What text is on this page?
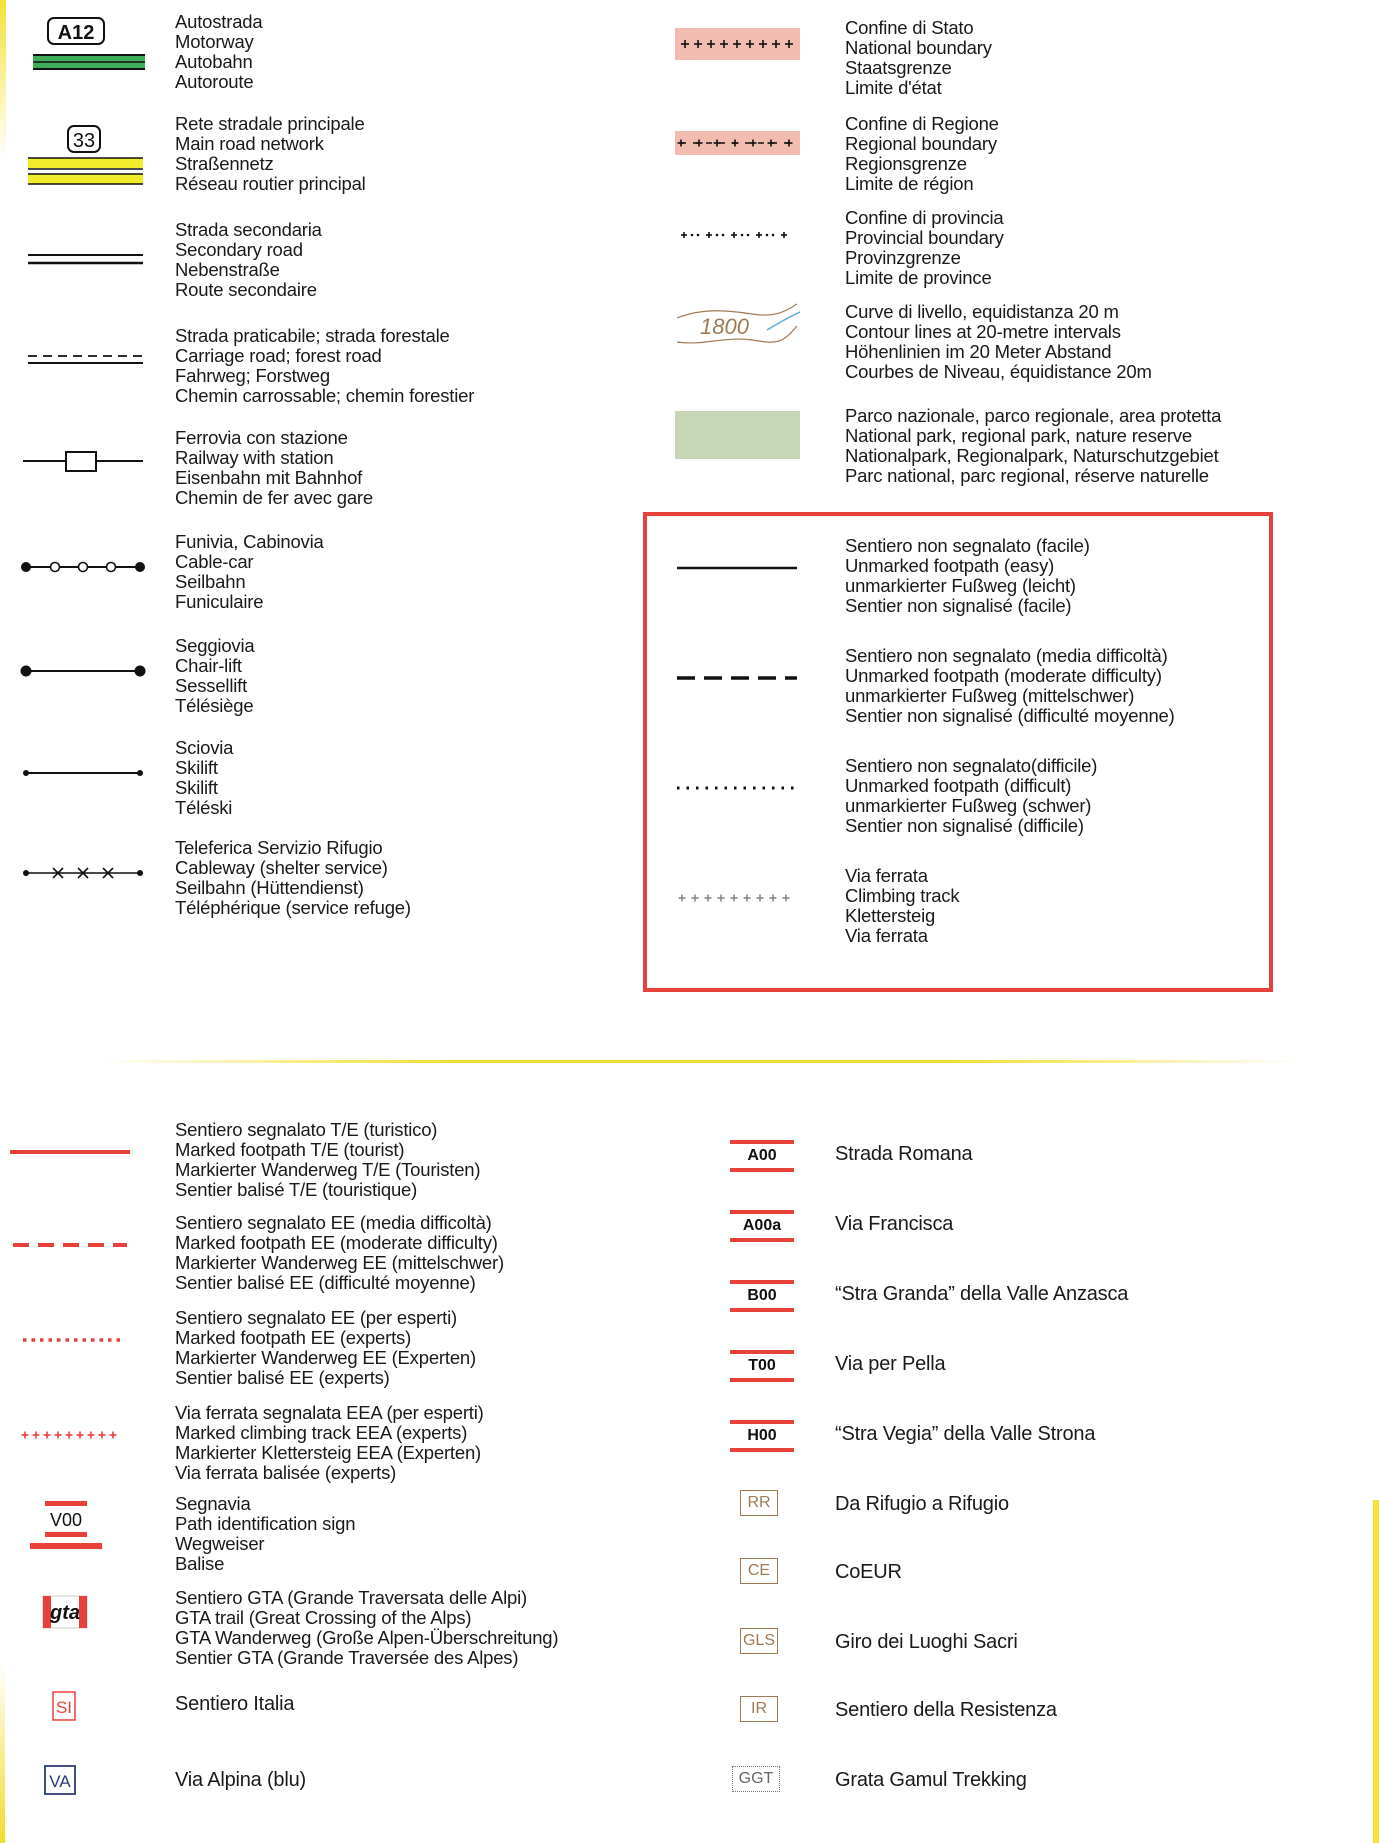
A12
Autostrada
Motorway
Autobahn
Autoroute
33
Rete stradale principale
Main road network
Straßennetz
Réseau routier principal
Strada secondaria
Secondary road
Nebenstraße
Route secondaire
Strada praticabile; strada forestale
Carriage road; forest road
Fahrweg; Forstweg
Chemin carrossable; chemin forestier
Ferrovia con stazione
Railway with station
Eisenbahn mit Bahnhof
Chemin de fer avec gare
Funivia, Cabinovia
Cable-car
Seilbahn
Funiculaire
Seggiovia
Chair-lift
Sessellift
Télésiège
Sciovia
Skilift
Skilift
Téléski
Teleferica Servizio Rifugio
Cableway (shelter service)
Seilbahn (Hüttendienst)
Téléphérique (service refuge)
Confine di Stato
National boundary
Staatsgrenze
Limite d'état
Confine di Regione
Regional boundary
Regionsgrenze
Limite de région
Confine di provincia
Provincial boundary
Provinzgrenze
Limite de province
1800
Curve di livello, equidistanza 20 m
Contour lines at 20-metre intervals
Höhenlinien im 20 Meter Abstand
Courbes de Niveau, équidistance 20m
Parco nazionale, parco regionale, area protetta
National park, regional park, nature reserve
Nationalpark, Regionalpark, Naturschutzgebiet
Parc national, parc regional, réserve naturelle
Sentiero non segnalato (facile)
Unmarked footpath (easy)
unmarkierter Fußweg (leicht)
Sentier non signalisé (facile)
Sentiero non segnalato (media difficoltà)
Unmarked footpath (moderate difficulty)
unmarkierter Fußweg (mittelschwer)
Sentier non signalisé (difficulté moyenne)
Sentiero non segnalato(difficile)
Unmarked footpath (difficult)
unmarkierter Fußweg (schwer)
Sentier non signalisé (difficile)
Via ferrata
Climbing track
Klettersteig
Via ferrata
Sentiero segnalato T/E (turistico)
Marked footpath T/E (tourist)
Markierter Wanderweg T/E (Touristen)
Sentier balisé T/E (touristique)
Sentiero segnalato EE (media difficoltà)
Marked footpath EE (moderate difficulty)
Markierter Wanderweg EE (mittelschwer)
Sentier balisé EE (difficulté moyenne)
Sentiero segnalato EE (per esperti)
Marked footpath EE (experts)
Markierter Wanderweg EE (Experten)
Sentier balisé EE (experts)
Via ferrata segnalata EEA (per esperti)
Marked climbing track EEA (experts)
Markierter Klettersteig EEA (Experten)
Via ferrata balisée (experts)
V00
Segnavia
Path identification sign
Wegweiser
Balise
gta
Sentiero GTA (Grande Traversata delle Alpi)
GTA trail (Great Crossing of the Alps)
GTA Wanderweg (Große Alpen-Überschreitung)
Sentier GTA (Grande Traversée des Alpes)
SI	Sentiero Italia
VA	Via Alpina (blu)
A00	Strada Romana
A00a	Via Francisca
B00	“Stra Granda” della Valle Anzasca
T00	Via per Pella
H00	“Stra Vegia” della Valle Strona
RR	Da Rifugio a Rifugio
CE	CoEUR
GLS	Giro dei Luoghi Sacri
IR	Sentiero della Resistenza
GGT	Grata Gamul Trekking
